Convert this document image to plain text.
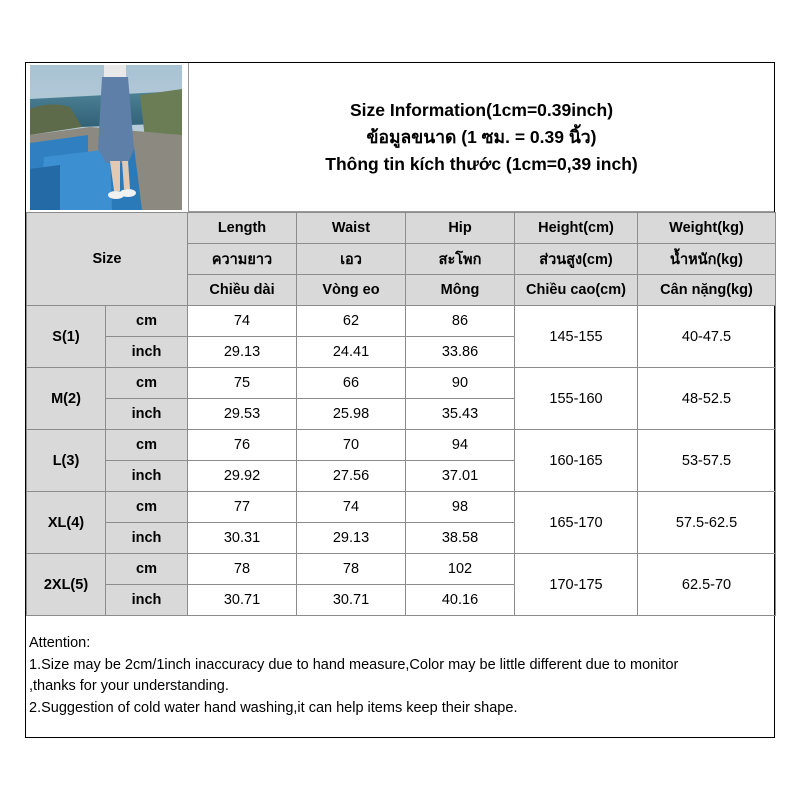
Size Information(1cm=0.39inch)
ข้อมูลขนาด (1 ซม. = 0.39 นิ้ว)
Thông tin kích thước (1cm=0,39 inch)
Size		Length	Waist	Hip	Height(cm)	Weight(kg)
		ความยาว	เอว	สะโพก	ส่วนสูง(cm)	น้ำหนัก(kg)
		Chiều dài	Vòng eo	Mông	Chiều cao(cm)	Cân nặng(kg)
S(1)	cm	74	62	86	145-155	40-47.5
	inch	29.13	24.41	33.86		
M(2)	cm	75	66	90	155-160	48-52.5
	inch	29.53	25.98	35.43		
L(3)	cm	76	70	94	160-165	53-57.5
	inch	29.92	27.56	37.01		
XL(4)	cm	77	74	98	165-170	57.5-62.5
	inch	30.31	29.13	38.58		
2XL(5)	cm	78	78	102	170-175	62.5-70
	inch	30.71	30.71	40.16		
Attention:
1.Size may be 2cm/1inch inaccuracy due to hand measure,Color may be little different due to monitor
,thanks for your understanding.
2.Suggestion of cold water hand washing,it can help items keep their shape.
